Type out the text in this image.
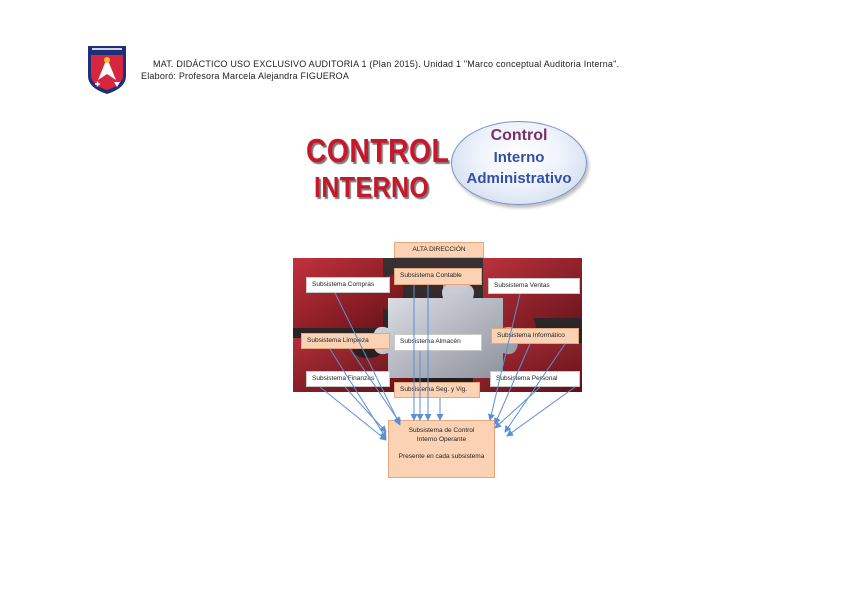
MAT. DIDÁCTICO USO EXCLUSIVO AUDITORIA 1 (Plan 2015). Unidad 1 "Marco conceptual Auditoria Interna".
Elaboró: Profesora Marcela Alejandra FIGUEROA
CONTROL
INTERNO
Control
Interno
Administrativo
ALTA DIRECCIÓN
Subsistema Compras
Subsistema Contable
Subsistema Ventas
Subsistema Limpieza	Subsistema Almacén
Subsistema Informático
Subsistema Finanzas
Subsistema Seg. y Vig.
Subsistema Personal
Subsistema de Control
Interno Operante
Presente en cada subsistema
